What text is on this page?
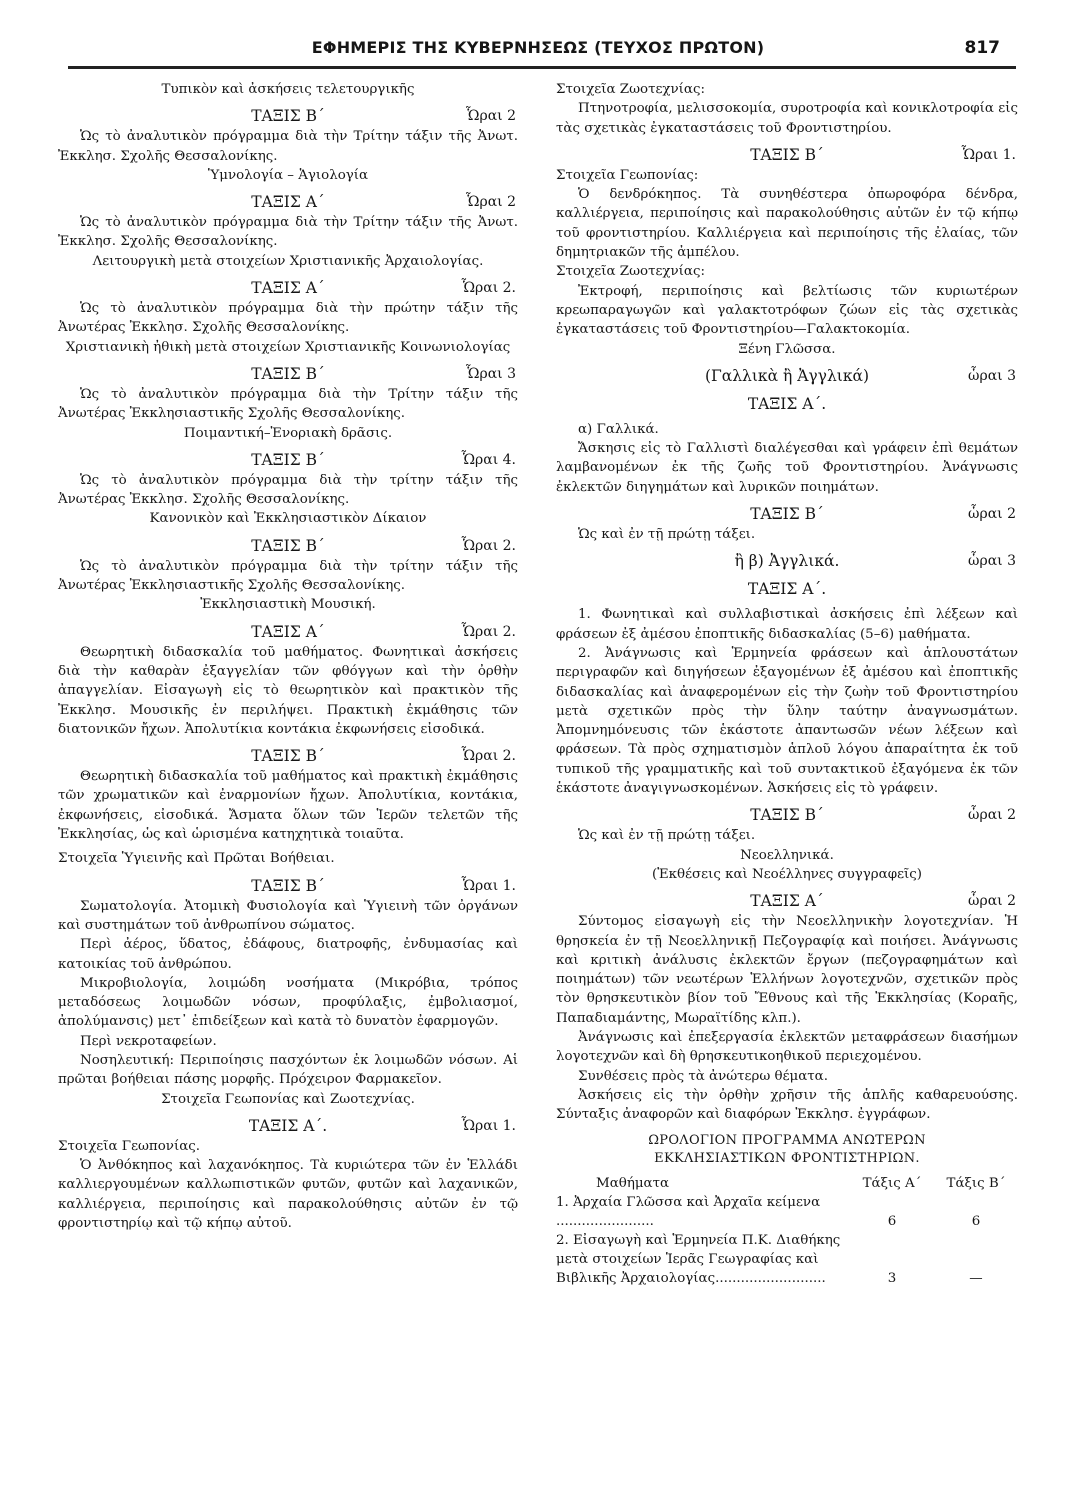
ΕΦΗΜΕΡΙΣ ΤΗΣ ΚΥΒΕΡΝΗΣΕΩΣ (ΤΕΥΧΟΣ ΠΡΩΤΟΝ)	817

Τυπικὸν καὶ ἀσκήσεις τελετουργικῆς

ΤΑΞΙΣ Β΄	Ὧραι 2

Ὡς τὸ ἀναλυτικὸν πρόγραμμα διὰ τὴν Τρίτην τάξιν τῆς Ἀνωτ. Ἐκκλησ. Σχολῆς Θεσσαλονίκης.

Ὑμνολογία – Ἁγιολογία

ΤΑΞΙΣ Α΄	Ὧραι 2

Ὡς τὸ ἀναλυτικὸν πρόγραμμα διὰ τὴν Τρίτην τάξιν τῆς Ἀνωτ. Ἐκκλησ. Σχολῆς Θεσσαλονίκης.

Λειτουργικὴ μετὰ στοιχείων Χριστιανικῆς Ἀρχαιολογίας.

ΤΑΞΙΣ Α΄	Ὧραι 2.

Ὡς τὸ ἀναλυτικὸν πρόγραμμα διὰ τὴν πρώτην τάξιν τῆς Ἀνωτέρας Ἐκκλησ. Σχολῆς Θεσσαλονίκης.

Χριστιανικὴ ἠθικὴ μετὰ στοιχείων Χριστιανικῆς Κοινωνιολογίας

ΤΑΞΙΣ Β΄	Ὧραι 3

Ὡς τὸ ἀναλυτικὸν πρόγραμμα διὰ τὴν Τρίτην τάξιν τῆς Ἀνωτέρας Ἐκκλησιαστικῆς Σχολῆς Θεσσαλονίκης.

Ποιμαντική–Ἐνοριακὴ δρᾶσις.

ΤΑΞΙΣ Β΄	Ὧραι 4.

Ὡς τὸ ἀναλυτικὸν πρόγραμμα διὰ τὴν τρίτην τάξιν τῆς Ἀνωτέρας Ἐκκλησ. Σχολῆς Θεσσαλονίκης.

Κανονικὸν καὶ Ἐκκλησιαστικὸν Δίκαιον

ΤΑΞΙΣ Β΄	Ὧραι 2.

Ὡς τὸ ἀναλυτικὸν πρόγραμμα διὰ τὴν τρίτην τάξιν τῆς Ἀνωτέρας Ἐκκλησιαστικῆς Σχολῆς Θεσσαλονίκης.

Ἐκκλησιαστικὴ Μουσική.

ΤΑΞΙΣ Α΄	Ὧραι 2.

Θεωρητικὴ διδασκαλία τοῦ μαθήματος. Φωνητικαὶ ἀσκήσεις διὰ τὴν καθαρὰν ἐξαγγελίαν τῶν φθόγγων καὶ τὴν ὀρθὴν ἀπαγγελίαν. Εἰσαγωγὴ εἰς τὸ θεωρητικὸν καὶ πρακτικὸν τῆς Ἐκκλησ. Μουσικῆς ἐν περιλήψει. Πρακτικὴ ἐκμάθησις τῶν διατονικῶν ἤχων. Ἀπολυτίκια κοντάκια ἐκφωνήσεις εἰσοδικά.

ΤΑΞΙΣ Β΄	Ὧραι 2.

Θεωρητικὴ διδασκαλία τοῦ μαθήματος καὶ πρακτικὴ ἐκμάθησις τῶν χρωματικῶν καὶ ἐναρμονίων ἤχων. Ἀπολυτίκια, κοντάκια, ἐκφωνήσεις, εἰσοδικά. Ἄσματα ὅλων τῶν Ἱερῶν τελετῶν τῆς Ἐκκλησίας, ὡς καὶ ὡρισμένα κατηχητικὰ τοιαῦτα.

Στοιχεῖα Ὑγιεινῆς καὶ Πρῶται Βοήθειαι.

ΤΑΞΙΣ Β΄	Ὧραι 1.

Σωματολογία. Ἀτομικὴ Φυσιολογία καὶ Ὑγιεινὴ τῶν ὀργάνων καὶ συστημάτων τοῦ ἀνθρωπίνου σώματος.

Περὶ ἀέρος, ὕδατος, ἐδάφους, διατροφῆς, ἐνδυμασίας καὶ κατοικίας τοῦ ἀνθρώπου.

Μικροβιολογία, λοιμώδη νοσήματα (Μικρόβια, τρόπος μεταδόσεως λοιμωδῶν νόσων, προφύλαξις, ἐμβολιασμοί, ἀπολύμανσις) μετ᾿ ἐπιδείξεων καὶ κατὰ τὸ δυνατὸν ἐφαρμογῶν.

Περὶ νεκροταφείων.

Νοσηλευτική: Περιποίησις πασχόντων ἐκ λοιμωδῶν νόσων. Αἱ πρῶται βοήθειαι πάσης μορφῆς. Πρόχειρον Φαρμακεῖον.

Στοιχεῖα Γεωπονίας καὶ Ζωοτεχνίας.

ΤΑΞΙΣ Α΄.	Ὧραι 1.

Στοιχεῖα Γεωπονίας.

Ὁ Ἀνθόκηπος καὶ λαχανόκηπος. Τὰ κυριώτερα τῶν ἐν Ἑλλάδι καλλιεργουμένων καλλωπιστικῶν φυτῶν, φυτῶν καὶ λαχανικῶν, καλλιέργεια, περιποίησις καὶ παρακολούθησις αὐτῶν ἐν τῷ φροντιστηρίῳ καὶ τῷ κήπῳ αὐτοῦ.

Στοιχεῖα Ζωοτεχνίας:

Πτηνοτροφία, μελισσοκομία, συροτροφία καὶ κονικλοτροφία εἰς τὰς σχετικὰς ἐγκαταστάσεις τοῦ Φροντιστηρίου.

ΤΑΞΙΣ Β΄	Ὧραι 1.

Στοιχεῖα Γεωπονίας:

Ὁ δενδρόκηπος. Τὰ συνηθέστερα ὀπωροφόρα δένδρα, καλλιέργεια, περιποίησις καὶ παρακολούθησις αὐτῶν ἐν τῷ κήπῳ τοῦ φροντιστηρίου. Καλλιέργεια καὶ περιποίησις τῆς ἐλαίας, τῶν δημητριακῶν τῆς ἀμπέλου.

Στοιχεῖα Ζωοτεχνίας:

Ἐκτροφή, περιποίησις καὶ βελτίωσις τῶν κυριωτέρων κρεωπαραγωγῶν καὶ γαλακτοτρόφων ζώων εἰς τὰς σχετικὰς ἐγκαταστάσεις τοῦ Φροντιστηρίου—Γαλακτοκομία.

Ξένη Γλῶσσα.

(Γαλλικὰ ἢ Ἀγγλικά)	ὧραι 3
ΤΑΞΙΣ Α΄.

α) Γαλλικά.

Ἄσκησις εἰς τὸ Γαλλιστὶ διαλέγεσθαι καὶ γράφειν ἐπὶ θεμάτων λαμβανομένων ἐκ τῆς ζωῆς τοῦ Φροντιστηρίου. Ἀνάγνωσις ἐκλεκτῶν διηγημάτων καὶ λυρικῶν ποιημάτων.

ΤΑΞΙΣ Β΄	ὧραι 2

Ὡς καὶ ἐν τῇ πρώτῃ τάξει.

ἢ β) Ἀγγλικά.	ὧραι 3
ΤΑΞΙΣ Α΄.

1. Φωνητικαὶ καὶ συλλαβιστικαὶ ἀσκήσεις ἐπὶ λέξεων καὶ φράσεων ἐξ ἀμέσου ἐποπτικῆς διδασκαλίας (5–6) μαθήματα.

2. Ἀνάγνωσις καὶ Ἑρμηνεία φράσεων καὶ ἁπλουστάτων περιγραφῶν καὶ διηγήσεων ἐξαγομένων ἐξ ἀμέσου καὶ ἐποπτικῆς διδασκαλίας καὶ ἀναφερομένων εἰς τὴν ζωὴν τοῦ Φροντιστηρίου μετὰ σχετικῶν πρὸς τὴν ὕλην ταύτην ἀναγνωσμάτων. Ἀπομνημόνευσις τῶν ἑκάστοτε ἀπαντωσῶν νέων λέξεων καὶ φράσεων. Τὰ πρὸς σχηματισμὸν ἁπλοῦ λόγου ἀπαραίτητα ἐκ τοῦ τυπικοῦ τῆς γραμματικῆς καὶ τοῦ συντακτικοῦ ἐξαγόμενα ἐκ τῶν ἑκάστοτε ἀναγιγνωσκομένων. Ἀσκήσεις εἰς τὸ γράφειν.

ΤΑΞΙΣ Β΄	ὧραι 2

Ὡς καὶ ἐν τῇ πρώτῃ τάξει.

Νεοελληνικά.

(Ἐκθέσεις καὶ Νεοέλληνες συγγραφεῖς)

ΤΑΞΙΣ Α΄	ὧραι 2

Σύντομος εἰσαγωγὴ εἰς τὴν Νεοελληνικὴν λογοτεχνίαν. Ἡ θρησκεία ἐν τῇ Νεοελληνικῇ Πεζογραφίᾳ καὶ ποιήσει. Ἀνάγνωσις καὶ κριτικὴ ἀνάλυσις ἐκλεκτῶν ἔργων (πεζογραφημάτων καὶ ποιημάτων) τῶν νεωτέρων Ἑλλήνων λογοτεχνῶν, σχετικῶν πρὸς τὸν θρησκευτικὸν βίον τοῦ Ἔθνους καὶ τῆς Ἐκκλησίας (Κοραῆς, Παπαδιαμάντης, Μωραϊτίδης κλπ.).

Ἀνάγνωσις καὶ ἐπεξεργασία ἐκλεκτῶν μεταφράσεων διασήμων λογοτεχνῶν καὶ δὴ θρησκευτικοηθικοῦ περιεχομένου.

Συνθέσεις πρὸς τὰ ἀνώτερω θέματα.

Ἀσκήσεις εἰς τὴν ὀρθὴν χρῆσιν τῆς ἁπλῆς καθαρευούσης. Σύνταξις ἀναφορῶν καὶ διαφόρων Ἐκκλησ. ἐγγράφων.

ΩΡΟΛΟΓΙΟΝ ΠΡΟΓΡΑΜΜΑ ΑΝΩΤΕΡΩΝ
ΕΚΚΛΗΣΙΑΣΤΙΚΩΝ ΦΡΟΝΤΙΣΤΗΡΙΩΝ.

Μαθήματα	Τάξις Α΄	Τάξις Β΄
1. Ἀρχαία Γλῶσσα καὶ Ἀρχαῖα κείμενα .......................	6	6
2. Εἰσαγωγὴ καὶ Ἑρμηνεία Π.Κ. Διαθήκης μετὰ στοιχείων Ἱερᾶς Γεωγραφίας καὶ Βιβλικῆς Ἀρχαιολογίας..........................	3	—
